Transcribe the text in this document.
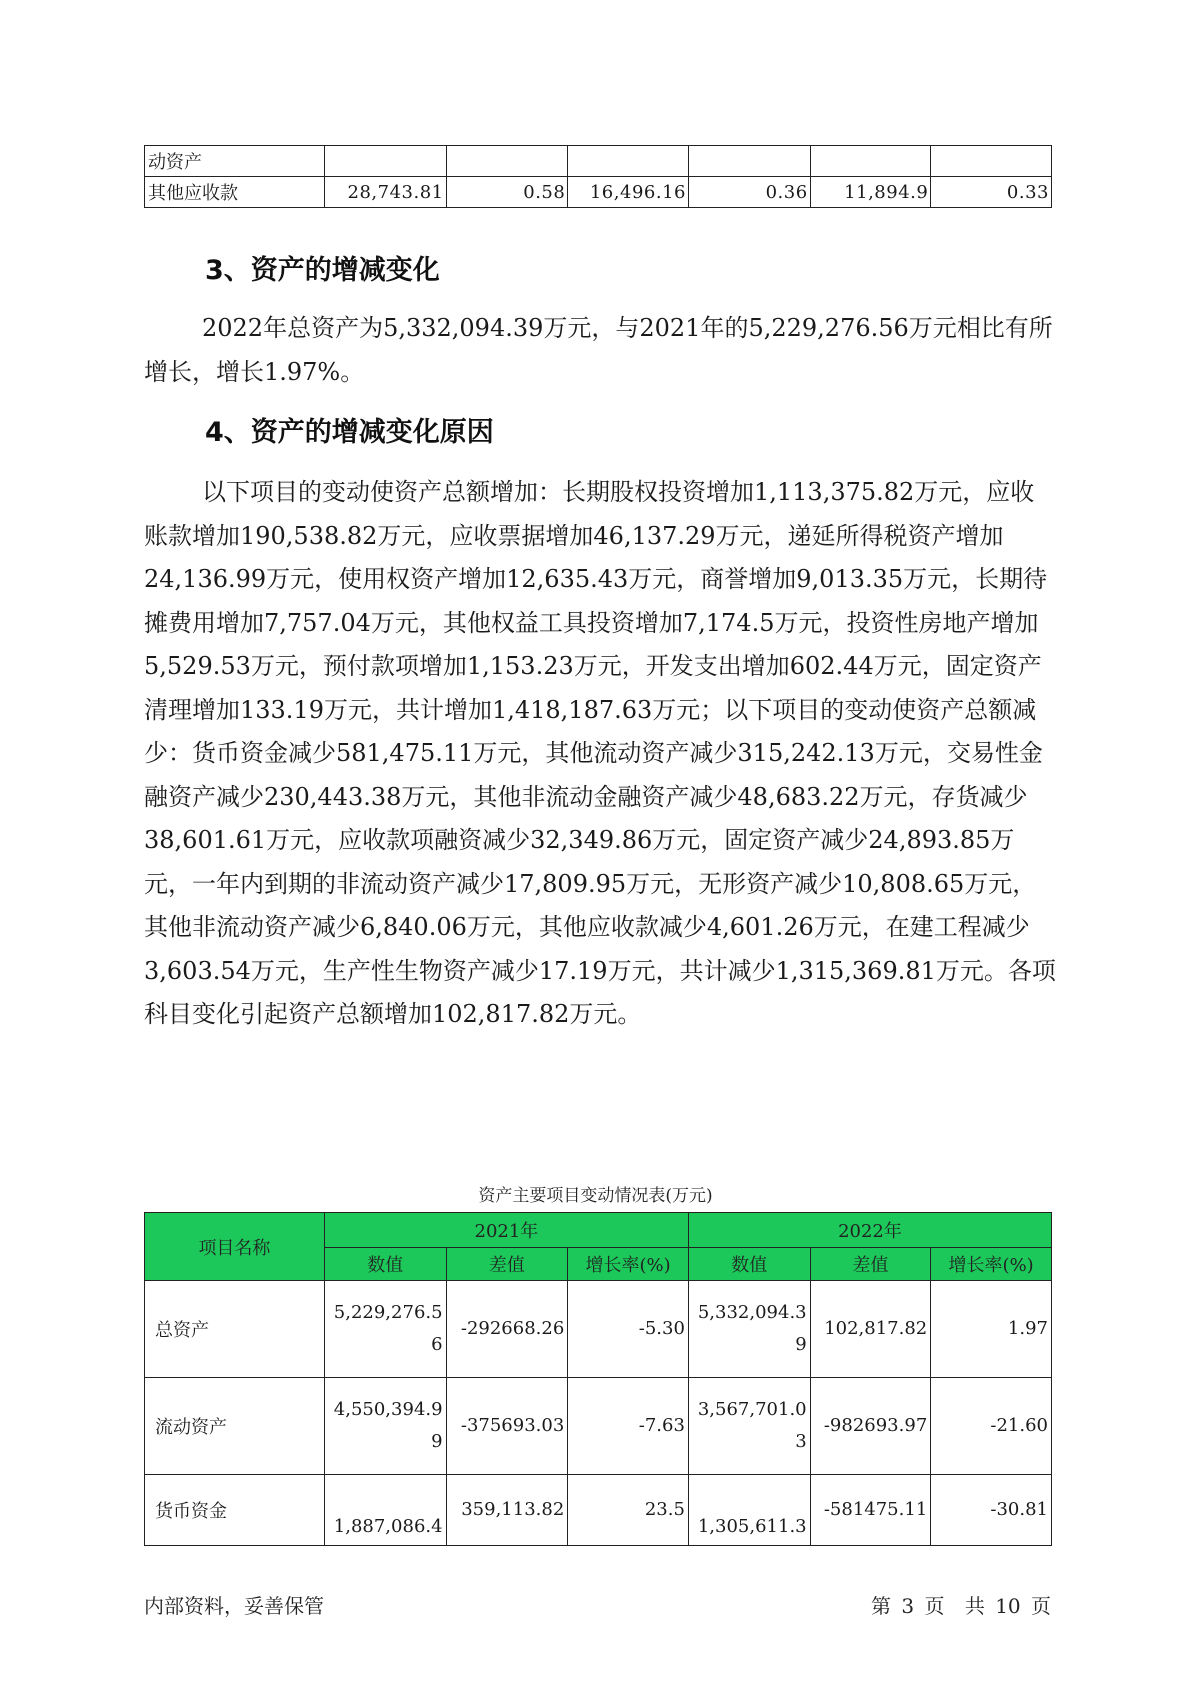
动资产						
其他应收款	28,743.81	0.58	16,496.16	0.36	11,894.9	0.33
3、资产的增减变化

2022年总资产为5,332,094.39万元，与2021年的5,229,276.56万元相比有所增长，增长1.97%。

4、资产的增减变化原因

以下项目的变动使资产总额增加：长期股权投资增加1,113,375.82万元，应收账款增加190,538.82万元，应收票据增加46,137.29万元，递延所得税资产增加24,136.99万元，使用权资产增加12,635.43万元，商誉增加9,013.35万元，长期待摊费用增加7,757.04万元，其他权益工具投资增加7,174.5万元，投资性房地产增加5,529.53万元，预付款项增加1,153.23万元，开发支出增加602.44万元，固定资产清理增加133.19万元，共计增加1,418,187.63万元；以下项目的变动使资产总额减少：货币资金减少581,475.11万元，其他流动资产减少315,242.13万元，交易性金融资产减少230,443.38万元，其他非流动金融资产减少48,683.22万元，存货减少38,601.61万元，应收款项融资减少32,349.86万元，固定资产减少24,893.85万元，一年内到期的非流动资产减少17,809.95万元，无形资产减少10,808.65万元，其他非流动资产减少6,840.06万元，其他应收款减少4,601.26万元，在建工程减少3,603.54万元，生产性生物资产减少17.19万元，共计减少1,315,369.81万元。各项科目变化引起资产总额增加102,817.82万元。

资产主要项目变动情况表(万元)

项目名称	2021年			2022年		
	数值	差值	增长率(%)	数值	差值	增长率(%)
总资产	5,229,276.56	-292668.26	-5.30	5,332,094.39	102,817.82	1.97
流动资产	4,550,394.99	-375693.03	-7.63	3,567,701.03	-982693.97	-21.60
货币资金	1,887,086.4	359,113.82	23.5	1,305,611.3	-581475.11	-30.81
内部资料，妥善保管	第 3 页 共 10 页
